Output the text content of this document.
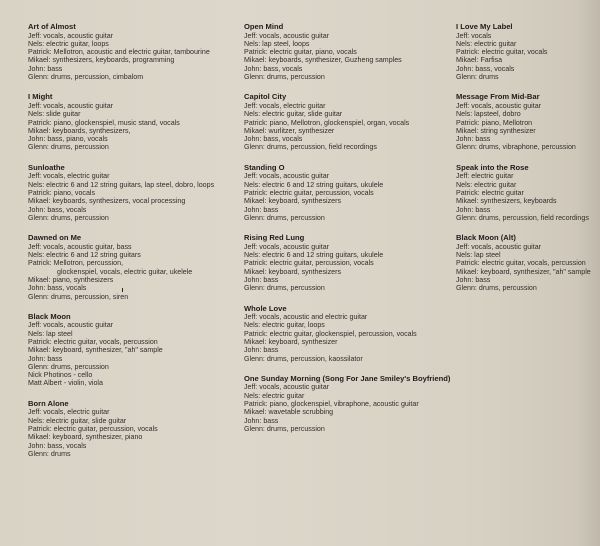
Art of Almost
Jeff: vocals, acoustic guitar
Nels: electric guitar, loops
Patrick: Mellotron, acoustic and electric guitar, tambourine
Mikael: synthesizers, keyboards, programming
John: bass
Glenn: drums, percussion, cimbalom
I Might
Jeff: vocals, acoustic guitar
Nels: slide guitar
Patrick: piano, glockenspiel, music stand, vocals
Mikael: keyboards, synthesizers,
John: bass, piano, vocals
Glenn: drums, percussion
Sunloathe
Jeff: vocals, electric guitar
Nels: electric 6 and 12 string guitars, lap steel, dobro, loops
Patrick: piano, vocals
Mikael: keyboards, synthesizers, vocal processing
John: bass, vocals
Glenn: drums, percussion
Dawned on Me
Jeff: vocals, acoustic guitar, bass
Nels: electric 6 and 12 string guitars
Patrick: Mellotron, percussion,
glockenspiel, vocals, electric guitar, ukelele
Mikael: piano, synthesizers
John: bass, vocals
Glenn: drums, percussion, siren
Black Moon
Jeff: vocals, acoustic guitar
Nels: lap steel
Patrick: electric guitar, vocals, percussion
Mikael: keyboard, synthesizer, "ah" sample
John: bass
Glenn: drums, percussion
Nick Photinos - cello
Matt Albert - violin, viola
Born Alone
Jeff: vocals, electric guitar
Nels: electric guitar, slide guitar
Patrick: electric guitar, percussion, vocals
Mikael: keyboard, synthesizer, piano
John: bass, vocals
Glenn: drums
Open Mind
Jeff: vocals, acoustic guitar
Nels: lap steel, loops
Patrick: electric guitar, piano, vocals
Mikael: keyboards, synthesizer, Guzheng samples
John: bass, vocals
Glenn: drums, percussion
Capitol City
Jeff: vocals, electric guitar
Nels: electric guitar, slide guitar
Patrick: piano, Mellotron, glockenspiel, organ, vocals
Mikael: wurlitzer, synthesizer
John: bass, vocals
Glenn: drums, percussion, field recordings
Standing O
Jeff: vocals, acoustic guitar
Nels: electric 6 and 12 string guitars, ukulele
Patrick: electric guitar, percussion, vocals
Mikael: keyboard, synthesizers
John: bass
Glenn: drums, percussion
Rising Red Lung
Jeff: vocals, acoustic guitar
Nels: electric 6 and 12 string guitars, ukulele
Patrick: electric guitar, percussion, vocals
Mikael: keyboard, synthesizers
John: bass
Glenn: drums, percussion
Whole Love
Jeff: vocals, acoustic and electric guitar
Nels: electric guitar, loops
Patrick: electric guitar, glockenspiel, percussion, vocals
Mikael: keyboard, synthesizer
John: bass
Glenn: drums, percussion, kaossilator
One Sunday Morning (Song For Jane Smiley's Boyfriend)
Jeff: vocals, acoustic guitar
Nels: electric guitar
Patrick: piano, glockenspiel, vibraphone, acoustic guitar
Mikael: wavetable scrubbing
John: bass
Glenn: drums, percussion
I Love My Label
Jeff: vocals
Nels: electric guitar
Patrick: electric guitar, vocals
Mikael: Farfisa
John: bass, vocals
Glenn: drums
Message From Mid-Bar
Jeff: vocals, acoustic guitar
Nels: lapsteel, dobro
Patrick: piano, Mellotron
Mikael: string synthesizer
John: bass
Glenn: drums, vibraphone, percussion
Speak into the Rose
Jeff: electric guitar
Nels: electric guitar
Patrick: electric guitar
Mikael: synthesizers, keyboards
John: bass
Glenn: drums, percussion, field recordings
Black Moon (Alt)
Jeff: vocals, acoustic guitar
Nels: lap steel
Patrick: electric guitar, vocals, percussion
Mikael: keyboard, synthesizer, "ah" sample
John: bass
Glenn: drums, percussion
